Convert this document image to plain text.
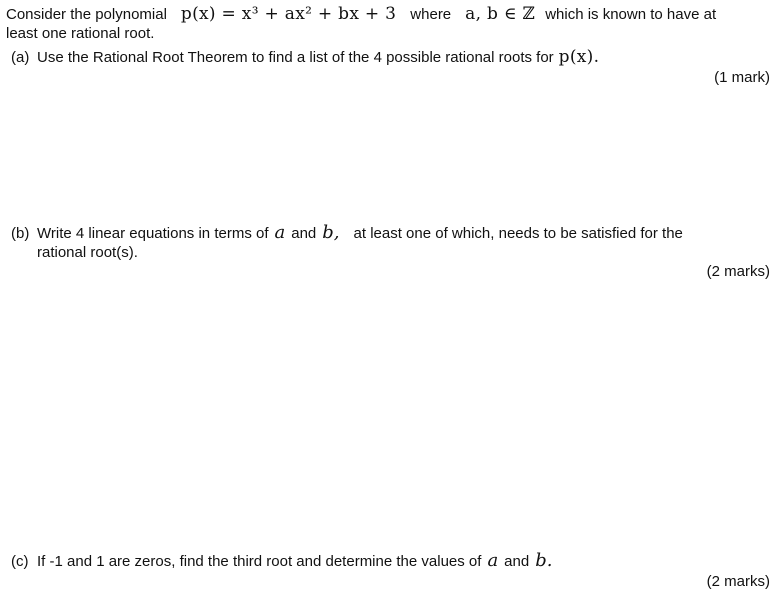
Consider the polynomial p(x) = x³ + ax² + bx + 3 where a, b ∈ ℤ which is known to have at
least one rational root.
(a) Use the Rational Root Theorem to find a list of the 4 possible rational roots for p(x).
(1 mark)
(b) Write 4 linear equations in terms of a and b, at least one of which, needs to be satisfied for the
rational root(s).
(2 marks)
(c) If -1 and 1 are zeros, find the third root and determine the values of a and b.
(2 marks)
